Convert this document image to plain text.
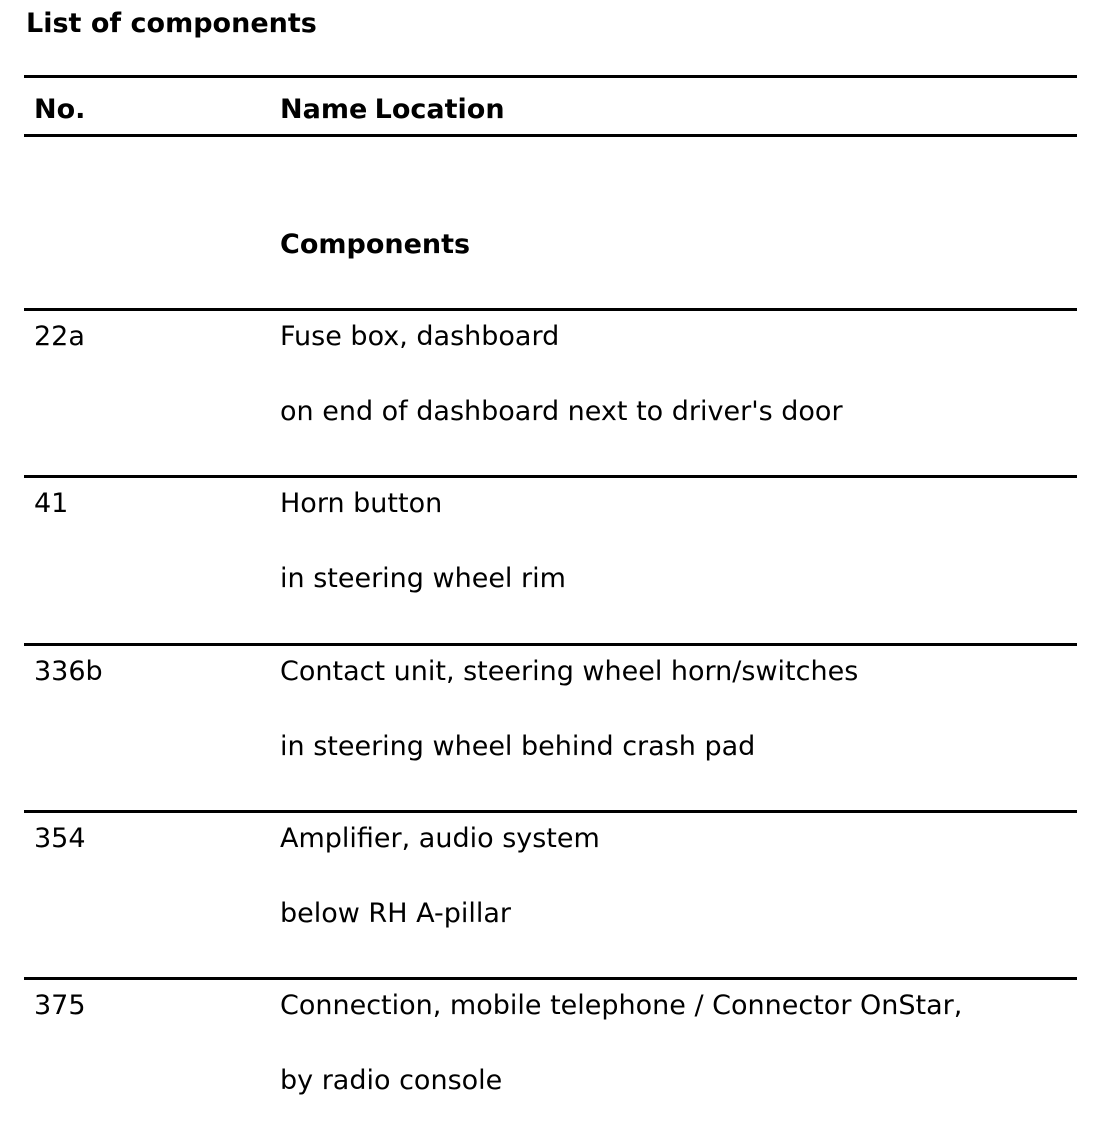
List of components
No.	Name Location
Components
22a	Fuse box, dashboard
on end of dashboard next to driver's door
41	Horn button
in steering wheel rim
336b	Contact unit, steering wheel horn/switches
in steering wheel behind crash pad
354	Amplifier, audio system
below RH A-pillar
375	Connection, mobile telephone / Connector OnStar,
by radio console
